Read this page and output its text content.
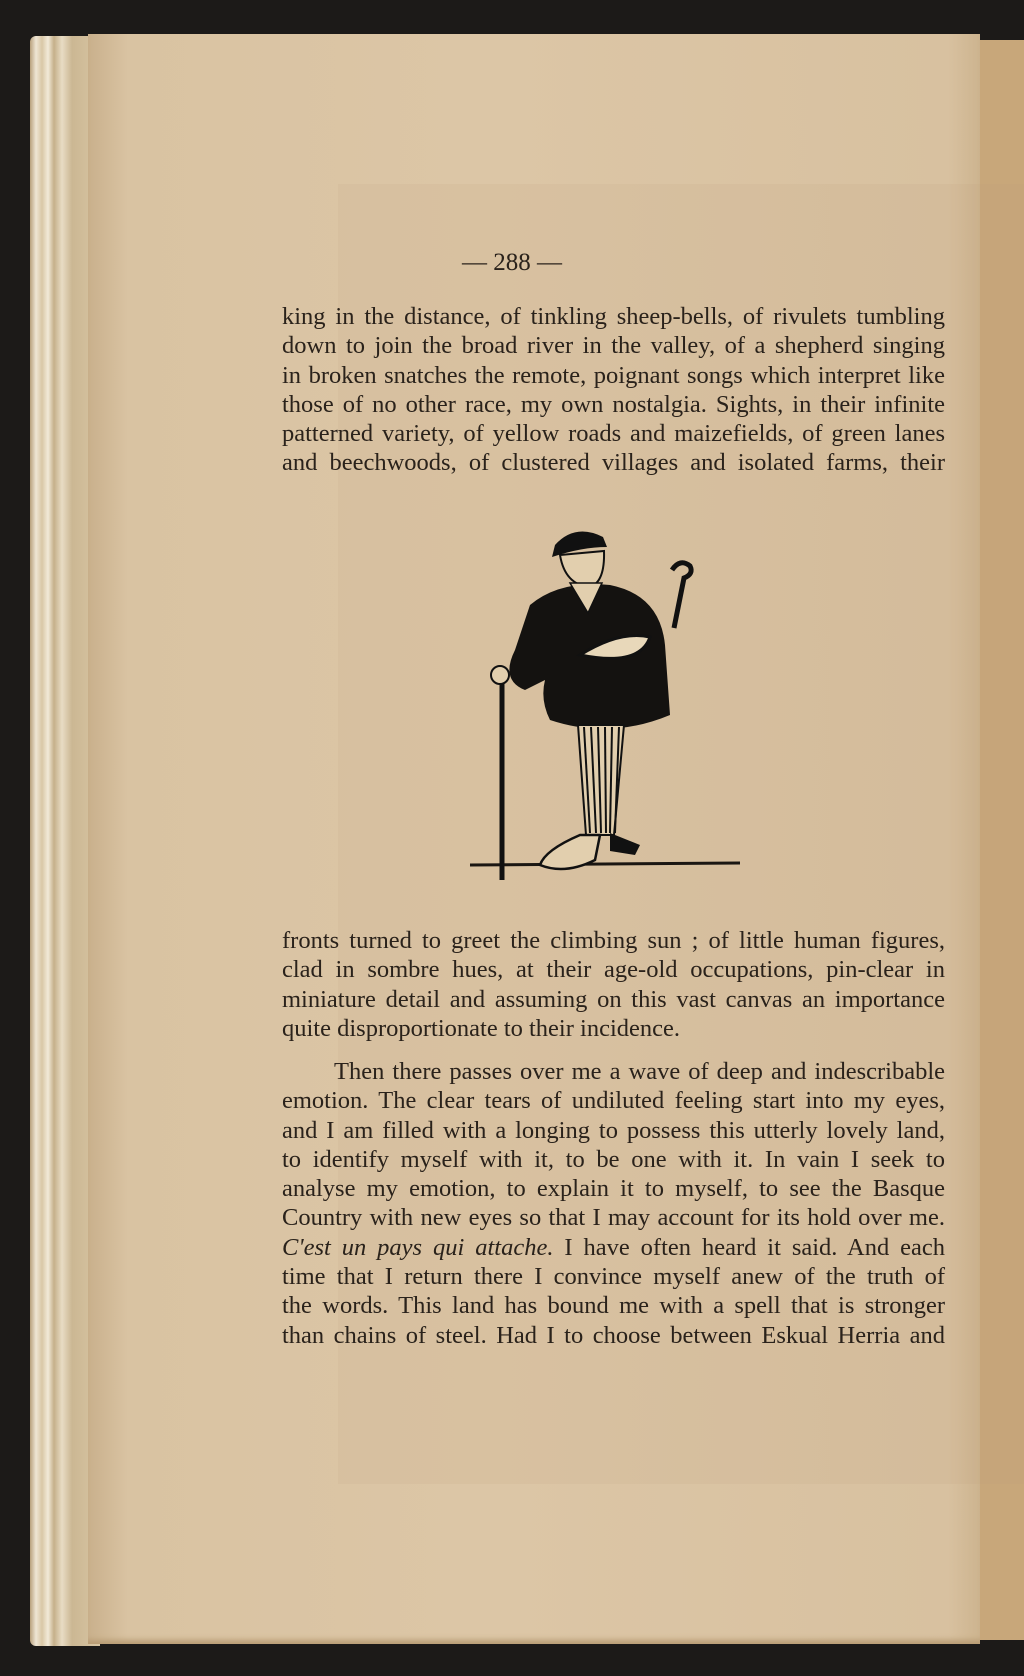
— 288 —
king in the distance, of tinkling sheep-bells, of rivulets tumbling
down to join the broad river in the valley, of a shepherd singing
in broken snatches the remote, poignant songs which interpret like
those of no other race, my own nostalgia. Sights, in their infinite
patterned variety, of yellow roads and maizefields, of green lanes
and beechwoods, of clustered villages and isolated farms, their
fronts turned to greet the climbing sun ; of little human figures,
clad in sombre hues, at their age-old occupations, pin-clear in
miniature detail and assuming on this vast canvas an importance
quite disproportionate to their incidence.
Then there passes over me a wave of deep and indescribable
emotion. The clear tears of undiluted feeling start into my eyes,
and I am filled with a longing to possess this utterly lovely land,
to identify myself with it, to be one with it. In vain I seek to
analyse my emotion, to explain it to myself, to see the Basque
Country with new eyes so that I may account for its hold over me.
C'est un pays qui attache. I have often heard it said. And each
time that I return there I convince myself anew of the truth of
the words. This land has bound me with a spell that is stronger
than chains of steel. Had I to choose between Eskual Herria and
